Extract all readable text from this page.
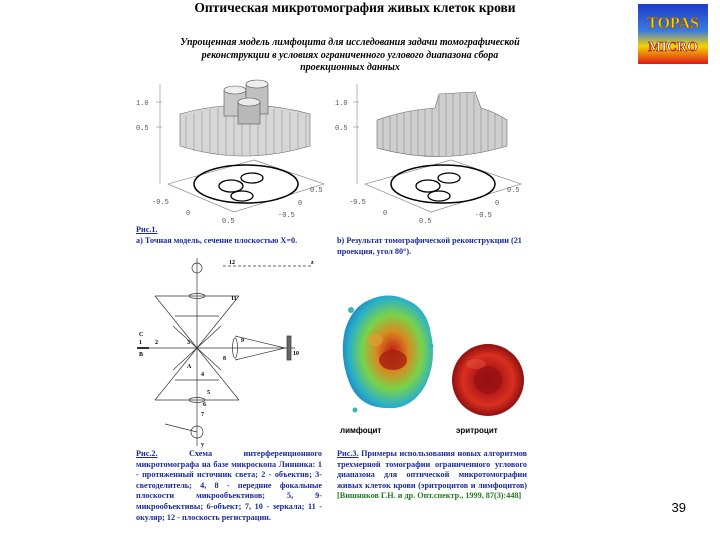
Оптическая микротомография живых клеток крови
TOPAS
MICRO
Упрощенная модель лимфоцита для исследования задачи томографической реконструкции в условиях ограниченного углового диапазона сбора проекционных данных
1.0
0.5
-0.5
0
0.5
0.5
0
-0.5
1.0
0.5
-0.5
0
0.5
0.5
0
-0.5
Рис.1.
a) Точная модель, сечение плоскостью X=0.	b) Результат томографической реконструкции (21 проекция, угол 80°).
12
11
10
9
8
7
6
5
4
3
2
1
B
C
A
y
z
Рис.2.	Схема интерференционного микротомографа на базе микроскопа Линника: 1 - протяженный источник света; 2 - объектив; 3-светоделитель; 4, 8 - передние фокальные плоскости микрообъективов; 5, 9-микрообъективы; 6-объект; 7, 10 - зеркала; 11 - окуляр; 12 - плоскость регистрации.
лимфоцит	эритроцит
Рис.3. Примеры использования новых алгоритмов трехмерной томографии ограниченного углового диапазона для оптической микротомографии живых клеток крови (эритроцитов и лимфоцитов) [Вишняков Г.Н. и др. Опт.спектр., 1999, 87(3):448]
39
